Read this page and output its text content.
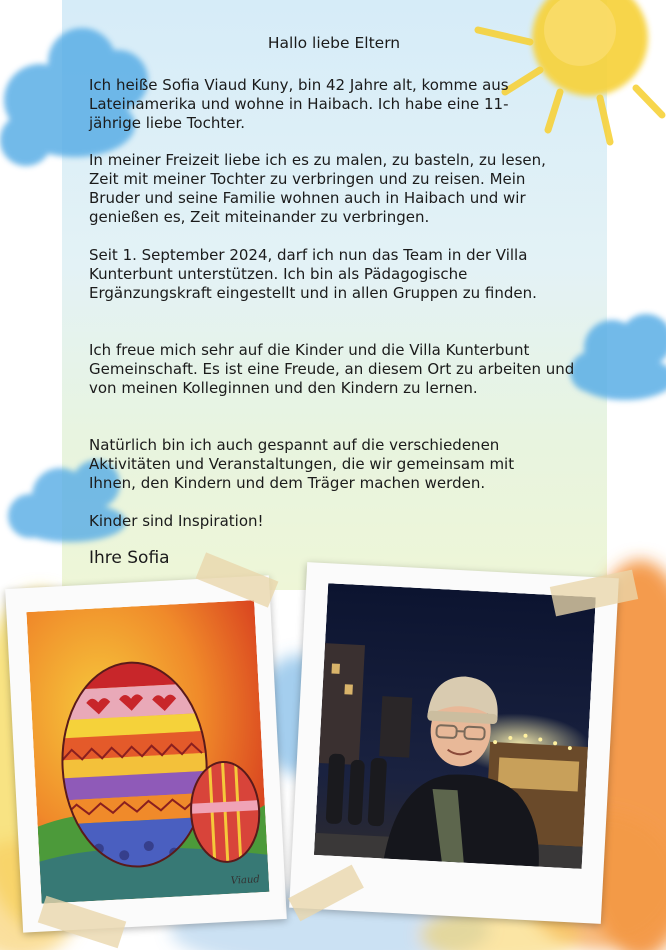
Hallo liebe Eltern

Ich heiße Sofia Viaud Kuny, bin 42 Jahre alt, komme aus Lateinamerika und wohne in Haibach. Ich habe eine 11-jährige liebe Tochter.

In meiner Freizeit liebe ich es zu malen, zu basteln, zu lesen, Zeit mit meiner Tochter zu verbringen und zu reisen. Mein Bruder und seine Familie wohnen auch in Haibach und wir genießen es, Zeit miteinander zu verbringen.

Seit 1. September 2024, darf ich nun das Team in der Villa Kunterbunt unterstützen. Ich bin als Pädagogische Ergänzungskraft eingestellt und in allen Gruppen zu finden.

Ich freue mich sehr auf die Kinder und die Villa Kunterbunt Gemeinschaft. Es ist eine Freude, an diesem Ort zu arbeiten und von meinen Kolleginnen und den Kindern zu lernen.

Natürlich bin ich auch gespannt auf die verschiedenen Aktivitäten und Veranstaltungen, die wir gemeinsam mit Ihnen, den Kindern und dem Träger machen werden.

Kinder sind Inspiration!

Ihre Sofia
Viaud
